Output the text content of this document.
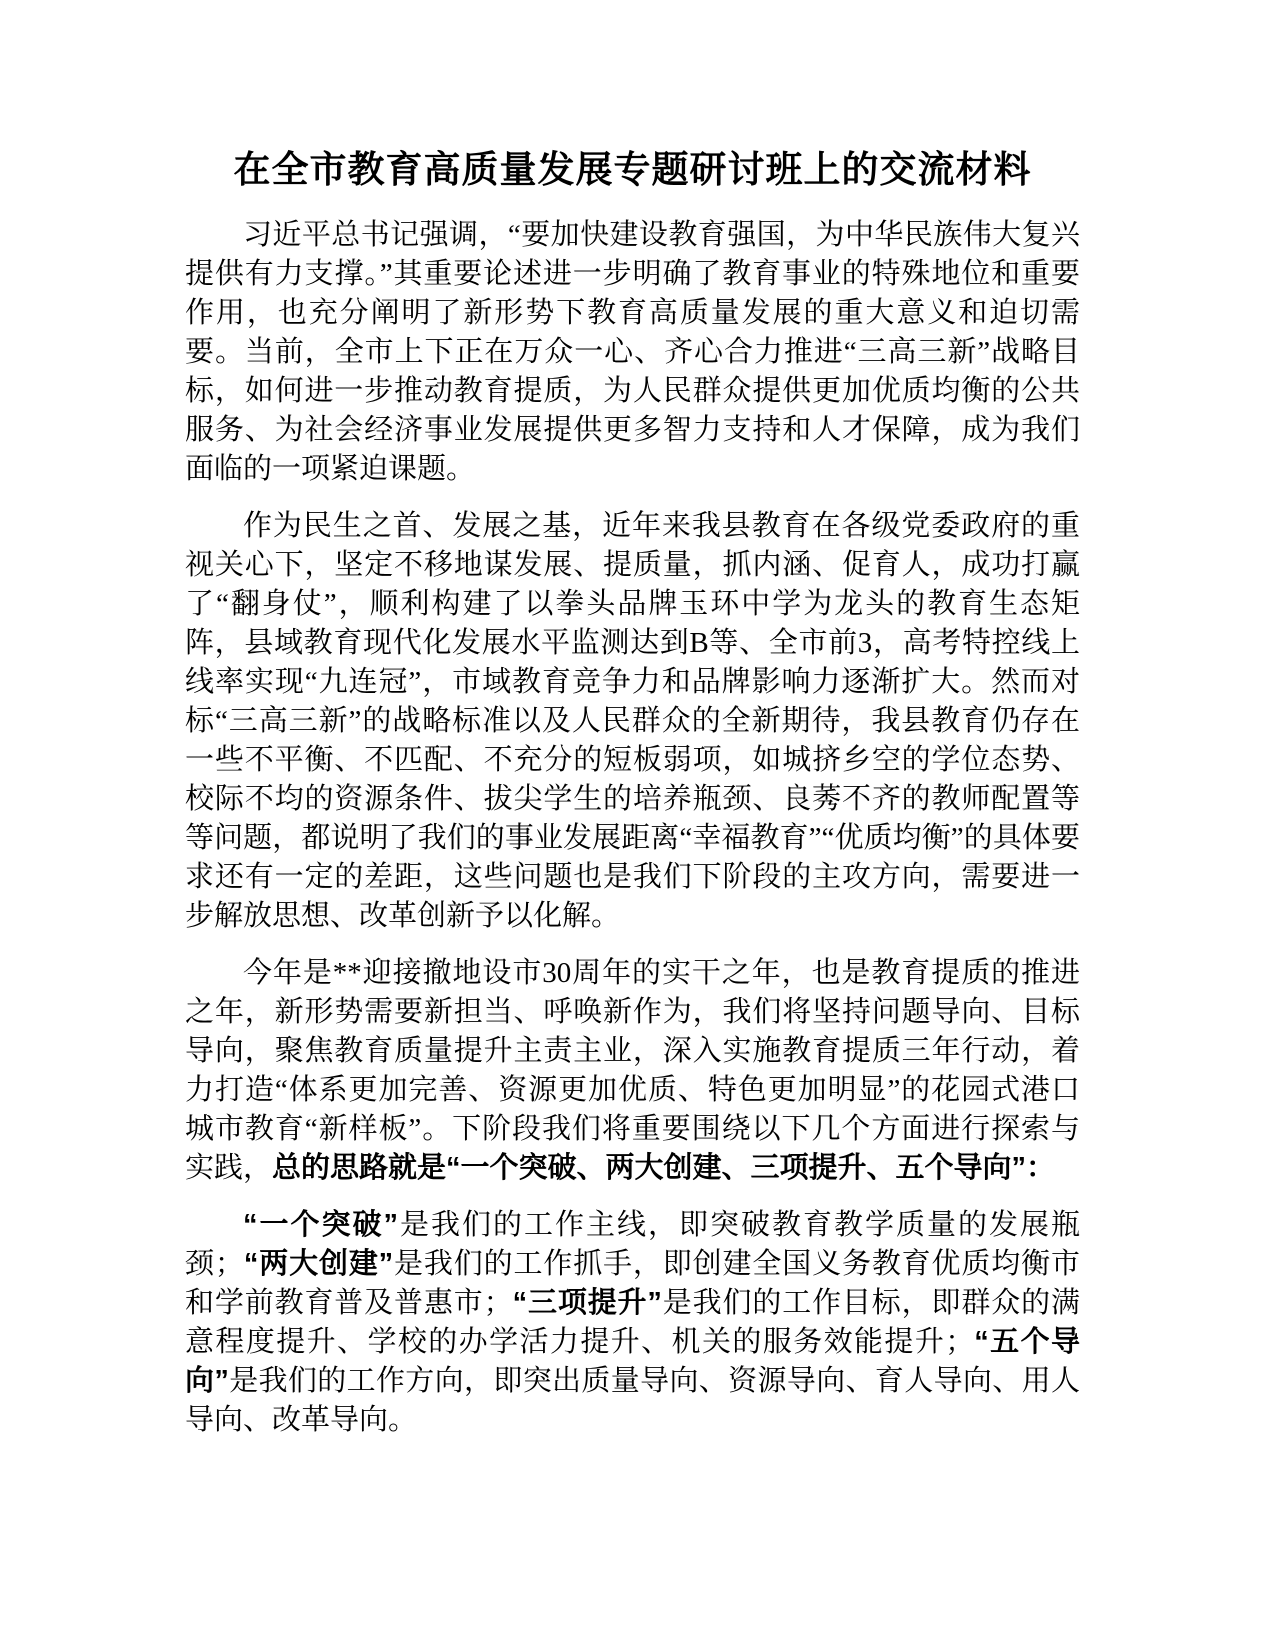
在全市教育高质量发展专题研讨班上的交流材料

习近平总书记强调，“要加快建设教育强国，为中华民族伟大复兴提供有力支撑。”其重要论述进一步明确了教育事业的特殊地位和重要作用，也充分阐明了新形势下教育高质量发展的重大意义和迫切需要。当前，全市上下正在万众一心、齐心合力推进“三高三新”战略目标，如何进一步推动教育提质，为人民群众提供更加优质均衡的公共服务、为社会经济事业发展提供更多智力支持和人才保障，成为我们面临的一项紧迫课题。

作为民生之首、发展之基，近年来我县教育在各级党委政府的重视关心下，坚定不移地谋发展、提质量，抓内涵、促育人，成功打赢了“翻身仗”，顺利构建了以拳头品牌玉环中学为龙头的教育生态矩阵，县域教育现代化发展水平监测达到B等、全市前3，高考特控线上线率实现“九连冠”，市域教育竞争力和品牌影响力逐渐扩大。然而对标“三高三新”的战略标准以及人民群众的全新期待，我县教育仍存在一些不平衡、不匹配、不充分的短板弱项，如城挤乡空的学位态势、校际不均的资源条件、拔尖学生的培养瓶颈、良莠不齐的教师配置等等问题，都说明了我们的事业发展距离“幸福教育”“优质均衡”的具体要求还有一定的差距，这些问题也是我们下阶段的主攻方向，需要进一步解放思想、改革创新予以化解。

今年是**迎接撤地设市30周年的实干之年，也是教育提质的推进之年，新形势需要新担当、呼唤新作为，我们将坚持问题导向、目标导向，聚焦教育质量提升主责主业，深入实施教育提质三年行动，着力打造“体系更加完善、资源更加优质、特色更加明显”的花园式港口城市教育“新样板”。下阶段我们将重要围绕以下几个方面进行探索与实践，总的思路就是“一个突破、两大创建、三项提升、五个导向”：

“一个突破”是我们的工作主线，即突破教育教学质量的发展瓶颈；“两大创建”是我们的工作抓手，即创建全国义务教育优质均衡市和学前教育普及普惠市；“三项提升”是我们的工作目标，即群众的满意程度提升、学校的办学活力提升、机关的服务效能提升；“五个导向”是我们的工作方向，即突出质量导向、资源导向、育人导向、用人导向、改革导向。
